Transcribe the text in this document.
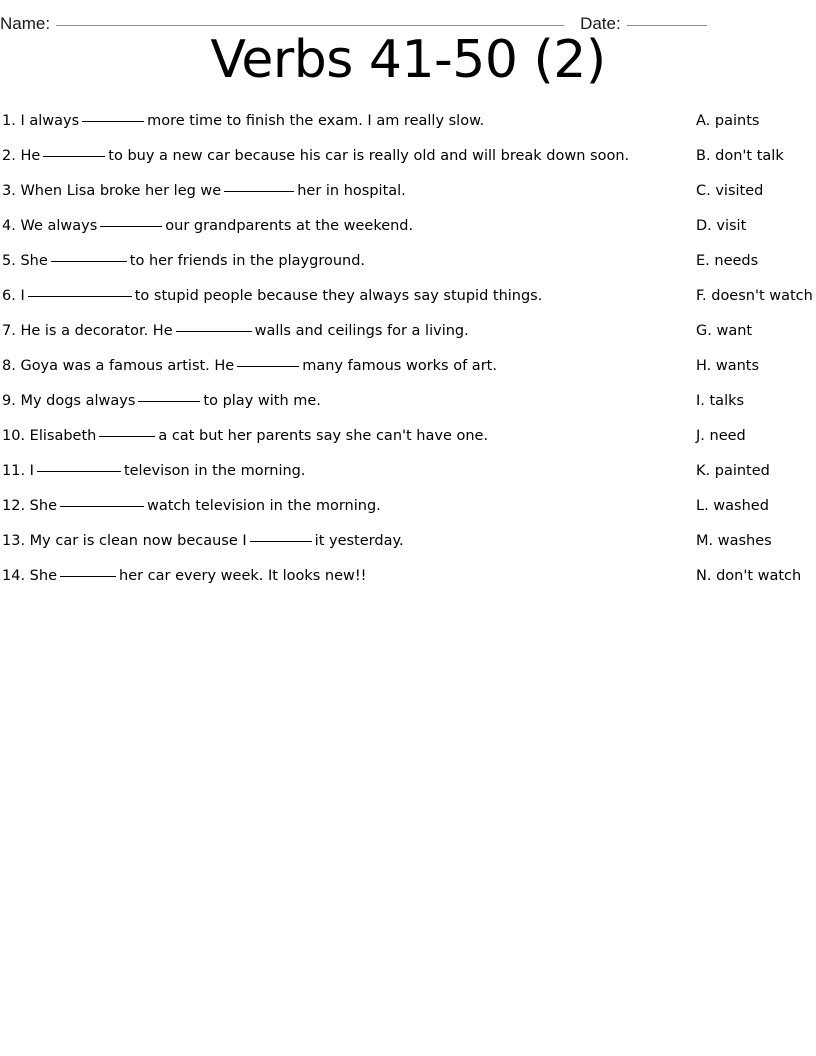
Name:	Date:
Verbs 41-50 (2)
1. I always	more time to finish the exam. I am really slow.	A. paints
2. He	to buy a new car because his car is really old and will break down soon.	B. don't talk
3. When Lisa broke her leg we	her in hospital.	C. visited
4. We always	our grandparents at the weekend.	D. visit
5. She	to her friends in the playground.	E. needs
6. I	to stupid people because they always say stupid things.	F. doesn't watch
7. He is a decorator. He	walls and ceilings for a living.	G. want
8. Goya was a famous artist. He	many famous works of art.	H. wants
9. My dogs always	to play with me.	I. talks
10. Elisabeth	a cat but her parents say she can't have one.	J. need
11. I	televison in the morning.	K. painted
12. She	watch television in the morning.	L. washed
13. My car is clean now because I	it yesterday.	M. washes
14. She	her car every week. It looks new!!	N. don't watch
